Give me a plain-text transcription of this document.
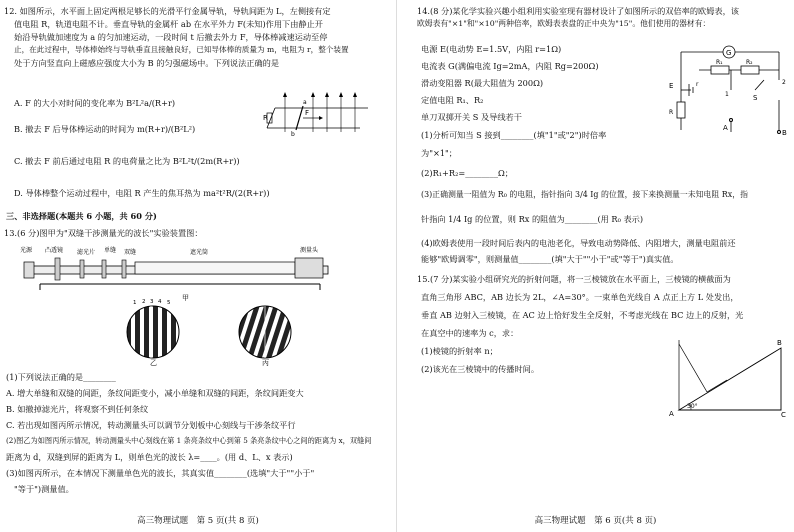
12. 如图所示，水平面上固定两根足够长的光滑平行金属导轨，导轨间距为 L，左侧接有定
值电阻 R，轨道电阻不计。垂直导轨的金属杆 ab 在水平外力 F(未知)作用下由静止开
始沿导轨做加速度为 a 的匀加速运动，一段时间 t 后撤去外力 F，导体棒减速运动至停
止，在此过程中，导体棒始终与导轨垂直且接触良好，已知导体棒的质量为 m，电阻为 r，整个装置
处于方向竖直向上磁感应强度大小为 B 的匀强磁场中。下列说法正确的是
A. F 的大小对时间的变化率为 B²L²a/(R+r)
B. 撤去 F 后导体棒运动的时间为 m(R+r)/(B²L²)
C. 撤去 F 前后通过电阻 R 的电荷量之比为 B²L²t/(2m(R+r))
D. 导体棒整个运动过程中，电阻 R 产生的焦耳热为 ma²t²R/(2(R+r))
R
F
a
b
三、非选择题(本题共 6 小题，共 60 分)
13.(6 分)图甲为"双缝干涉测量光的波长"实验装置图：
光源 凸透镜 滤光片 单缝 双缝	遮光筒	测量头
甲
1 2 3 4 5
乙	丙
(1)下列说法正确的是________
A. 增大单缝和双缝的间距，条纹间距变小，减小单缝和双缝的间距，条纹间距变大
B. 如撤掉滤光片，将观察不到任何条纹
C. 若出现如图丙所示情况，转动测量头可以调节分划板中心刻线与干涉条纹平行
(2)图乙为如图丙所示情况，转动测量头中心刻线在第 1 条亮条纹中心到第 5 条亮条纹中心之间的距离为 x，双缝间
距离为 d，双缝到屏的距离为 L，则单色光的波长 λ=____。(用 d、L、x 表示)
(3)如图丙所示，在本情况下测量单色光的波长，其真实值________(选填"大于""小于"
"等于")测量值。
高三物理试题　第 5 页(共 8 页)
14.(8 分)某化学实验兴趣小组利用实验室现有器材设计了如图所示的双倍率的欧姆表，该
欧姆表有"×1"和"×10"两种倍率，欧姆表表盘的正中央为"15"。他们使用的器材有：
电源 E(电动势 E=1.5V，内阻 r=1Ω)
电流表 G(满偏电流 Ig=2mA，内阻 Rg=200Ω)
滑动变阻器 R(最大阻值为 200Ω)
定值电阻 R₁、R₂
单刀双掷开关 S 及导线若干
(1)分析可知当 S 接到________(填"1"或"2")时倍率
为"×1"；
(2)R₁+R₂=________Ω；
(3)正确测量一阻值为 R₀ 的电阻，指针指向 3/4 Ig 的位置，接下来换测量一未知电阻 Rx，指
针指向 1/4 Ig 的位置，则 Rx 的阻值为________(用 R₀ 表示)
(4)欧姆表使用一段时间后表内的电池老化，导致电动势降低、内阻增大，测量电阻前还
能够"欧姆调零"，则测量值________(填"大于""小于"或"等于")真实值。
G
R₁	R₂
E	r
R
S
1
2
A
B
15.(7 分)某实验小组研究光的折射问题，将一三棱镜放在水平面上，三棱镜的横截面为
直角三角形 ABC，AB 边长为 2L，∠A=30°。一束单色光线自 A 点正上方 L 处发出，
垂直 AB 边射入三棱镜，在 AC 边上恰好发生全反射，不考虑光线在 BC 边上的反射，光
在真空中的速率为 c，求：
(1)棱镜的折射率 n；
(2)该光在三棱镜中的传播时间。
A
B
C
30°
高三物理试题　第 6 页(共 8 页)
